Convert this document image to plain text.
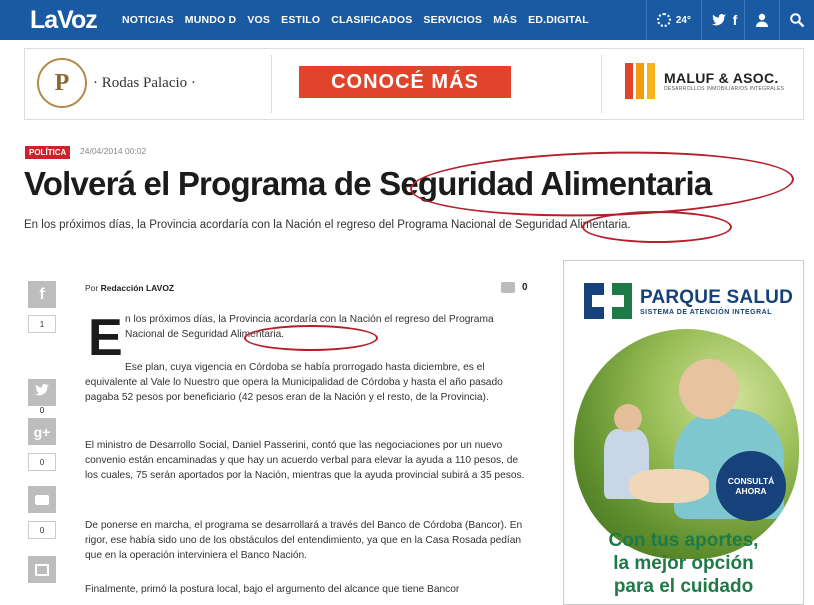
LaVoz	NOTICIAS MUNDO D VOS ESTILO CLASIFICADOS SERVICIOS MÁS ED.DIGITAL	24°	f
P	· Rodas Palacio ·	CONOCÉ MÁS	MALUF & ASOC.
DESARROLLOS INMOBILIARIOS INTEGRALES
POLÍTICA	24/04/2014 00:02
Volverá el Programa de Seguridad Alimentaria
En los próximos días, la Provincia acordaría con la Nación el regreso del Programa Nacional de Seguridad Alimentaria.
f
1
0
g+
0
0
Por Redacción LAVOZ	0
E n los próximos días, la Provincia acordaría con la Nación el regreso del Programa Nacional de Seguridad Alimentaria.
Ese plan, cuya vigencia en Córdoba se había prorrogado hasta diciembre, es el equivalente al Vale lo Nuestro que opera la Municipalidad de Córdoba y hasta el año pasado pagaba 52 pesos por beneficiario (42 pesos eran de la Nación y el resto, de la Provincia).
El ministro de Desarrollo Social, Daniel Passerini, contó que las negociaciones por un nuevo convenio están encaminadas y que hay un acuerdo verbal para elevar la ayuda a 110 pesos, de los cuales, 75 serán aportados por la Nación, mientras que la ayuda provincial subirá a 35 pesos.
De ponerse en marcha, el programa se desarrollará a través del Banco de Córdoba (Bancor). En rigor, ese había sido uno de los obstáculos del entendimiento, ya que en la Casa Rosada pedían que en la operación interviniera el Banco Nación.
Finalmente, primó la postura local, bajo el argumento del alcance que tiene Bancor
PARQUE SALUD
SISTEMA DE ATENCIÓN INTEGRAL
CONSULTÁ AHORA
Con tus aportes,
la mejor opción
para el cuidado
